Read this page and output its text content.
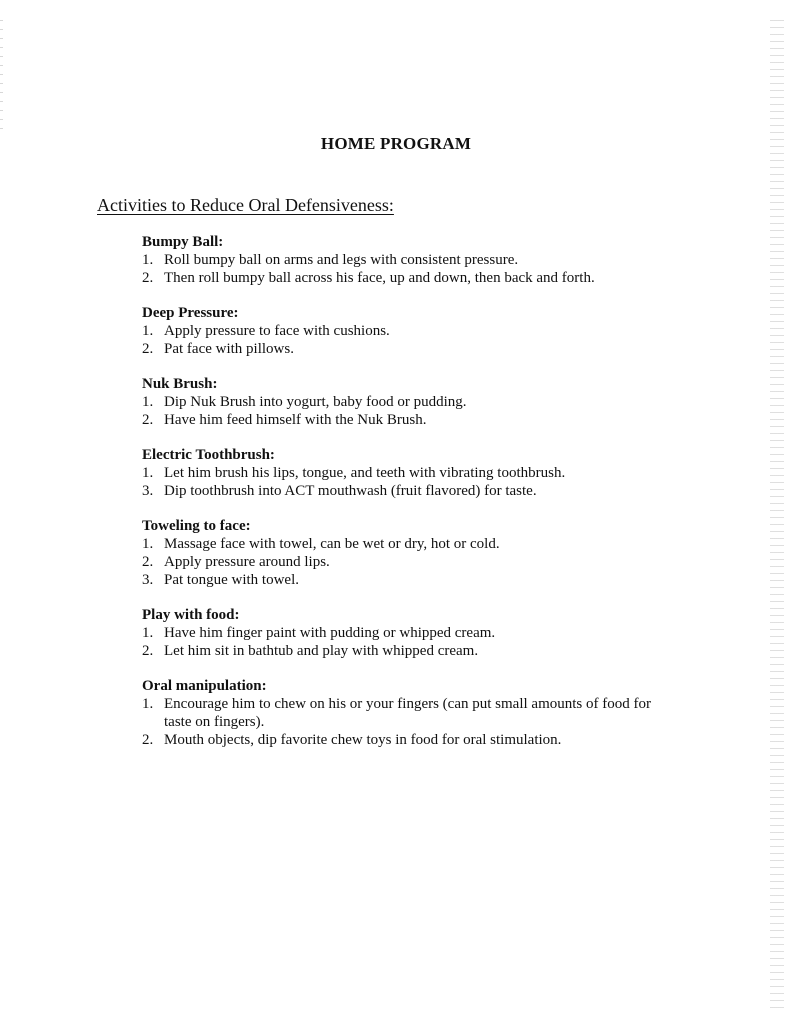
HOME PROGRAM
Activities to Reduce Oral Defensiveness:
Bumpy Ball:
1. Roll bumpy ball on arms and legs with consistent pressure.
2. Then roll bumpy ball across his face, up and down, then back and forth.
Deep Pressure:
1. Apply pressure to face with cushions.
2. Pat face with pillows.
Nuk Brush:
1. Dip Nuk Brush into yogurt, baby food or pudding.
2. Have him feed himself with the Nuk Brush.
Electric Toothbrush:
1. Let him brush his lips, tongue, and teeth with vibrating toothbrush.
3. Dip toothbrush into ACT mouthwash (fruit flavored) for taste.
Toweling to face:
1. Massage face with towel, can be wet or dry, hot or cold.
2. Apply pressure around lips.
3. Pat tongue with towel.
Play with food:
1. Have him finger paint with pudding or whipped cream.
2. Let him sit in bathtub and play with whipped cream.
Oral manipulation:
1. Encourage him to chew on his or your fingers (can put small amounts of food for taste on fingers).
2. Mouth objects, dip favorite chew toys in food for oral stimulation.
